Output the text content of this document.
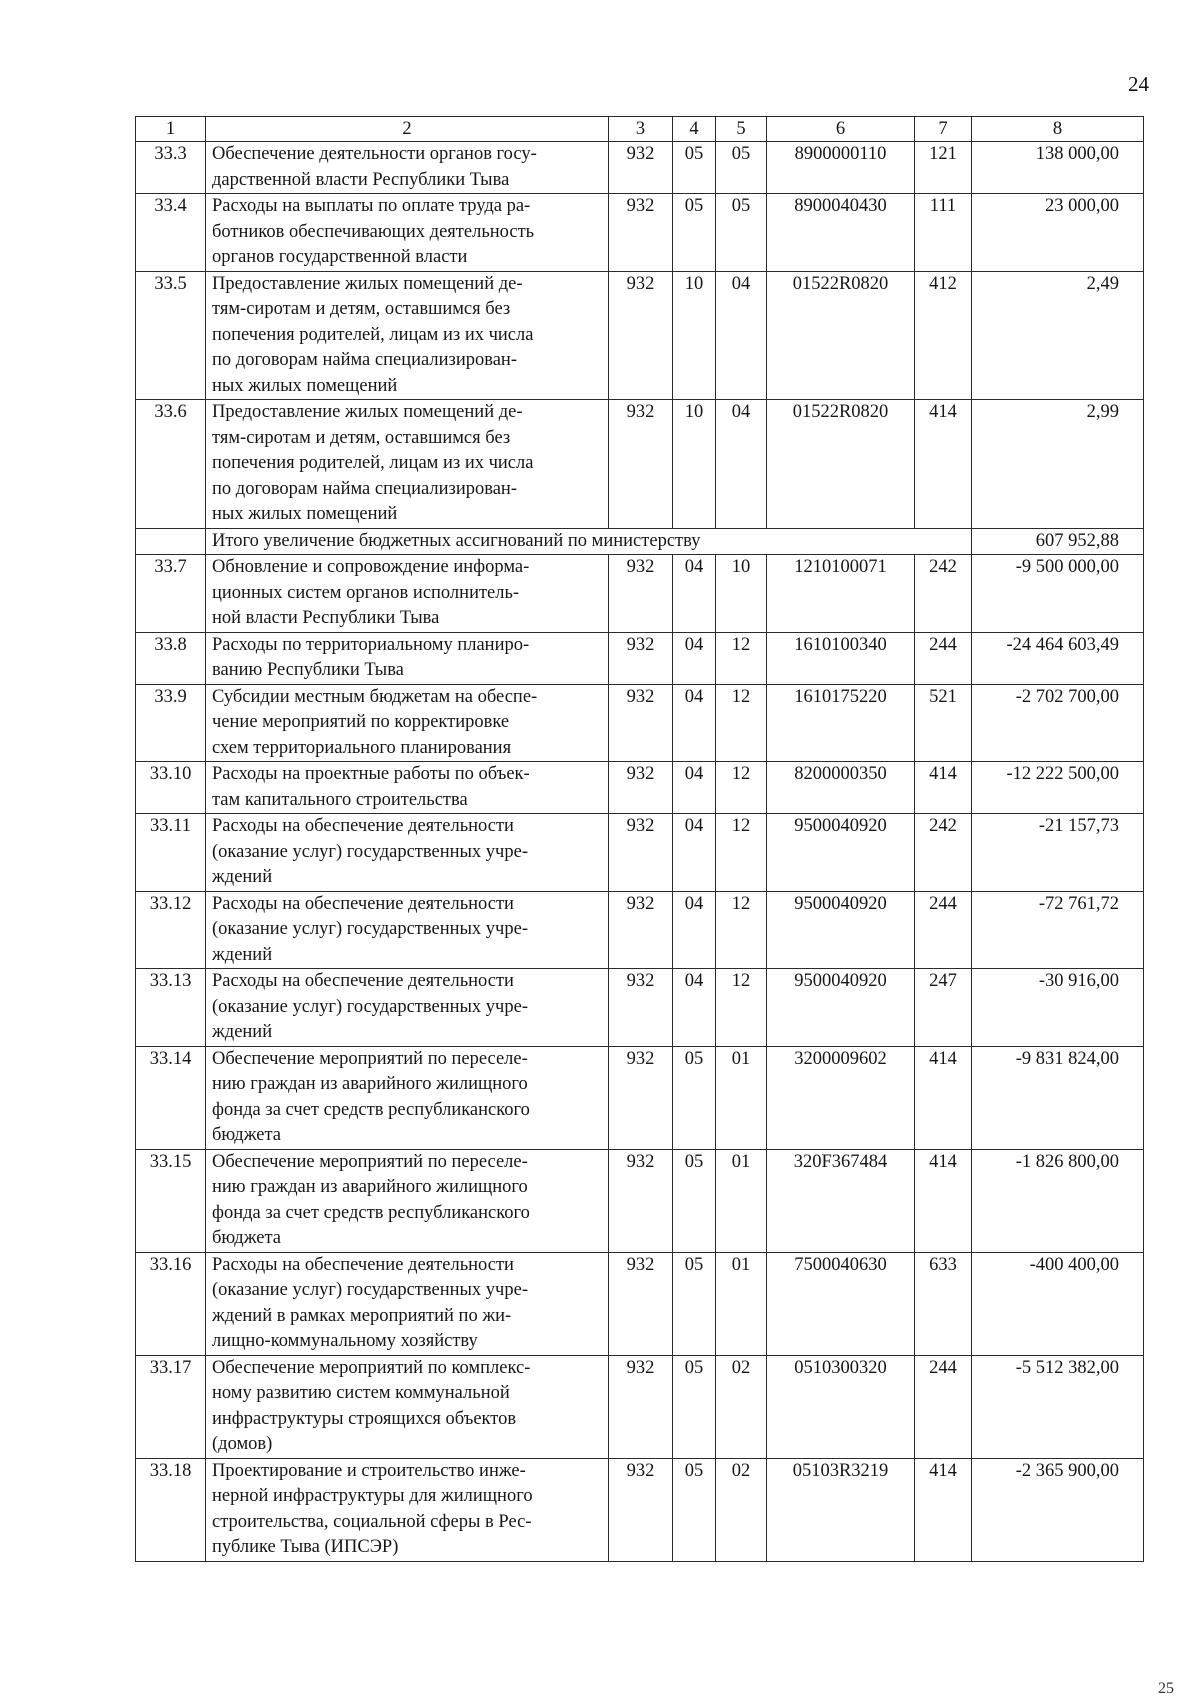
24
1	2	3	4	5	6	7	8
33.3	Обеспечение деятельности органов госу-
дарственной власти Республики Тыва	932	05	05	8900000110	121	138 000,00
33.4	Расходы на выплаты по оплате труда ра-
ботников обеспечивающих деятельность
органов государственной власти	932	05	05	8900040430	111	23 000,00
33.5	Предоставление жилых помещений де-
тям-сиротам и детям, оставшимся без
попечения родителей, лицам из их числа
по договорам найма специализирован-
ных жилых помещений	932	10	04	01522R0820	412	2,49
33.6	Предоставление жилых помещений де-
тям-сиротам и детям, оставшимся без
попечения родителей, лицам из их числа
по договорам найма специализирован-
ных жилых помещений	932	10	04	01522R0820	414	2,99
	Итого увеличение бюджетных ассигнований по министерству						607 952,88
33.7	Обновление и сопровождение информа-
ционных систем органов исполнитель-
ной власти Республики Тыва	932	04	10	1210100071	242	-9 500 000,00
33.8	Расходы по территориальному планиро-
ванию Республики Тыва	932	04	12	1610100340	244	-24 464 603,49
33.9	Субсидии местным бюджетам на обеспе-
чение мероприятий по корректировке
схем территориального планирования	932	04	12	1610175220	521	-2 702 700,00
33.10	Расходы на проектные работы по объек-
там капитального строительства	932	04	12	8200000350	414	-12 222 500,00
33.11	Расходы на обеспечение деятельности
(оказание услуг) государственных учре-
ждений	932	04	12	9500040920	242	-21 157,73
33.12	Расходы на обеспечение деятельности
(оказание услуг) государственных учре-
ждений	932	04	12	9500040920	244	-72 761,72
33.13	Расходы на обеспечение деятельности
(оказание услуг) государственных учре-
ждений	932	04	12	9500040920	247	-30 916,00
33.14	Обеспечение мероприятий по переселе-
нию граждан из аварийного жилищного
фонда за счет средств республиканского
бюджета	932	05	01	3200009602	414	-9 831 824,00
33.15	Обеспечение мероприятий по переселе-
нию граждан из аварийного жилищного
фонда за счет средств республиканского
бюджета	932	05	01	320F367484	414	-1 826 800,00
33.16	Расходы на обеспечение деятельности
(оказание услуг) государственных учре-
ждений в рамках мероприятий по жи-
лищно-коммунальному хозяйству	932	05	01	7500040630	633	-400 400,00
33.17	Обеспечение мероприятий по комплекс-
ному развитию систем коммунальной
инфраструктуры строящихся объектов
(домов)	932	05	02	0510300320	244	-5 512 382,00
33.18	Проектирование и строительство инже-
нерной инфраструктуры для жилищного
строительства, социальной сферы в Рес-
публике Тыва (ИПСЭР)	932	05	02	05103R3219	414	-2 365 900,00
25
